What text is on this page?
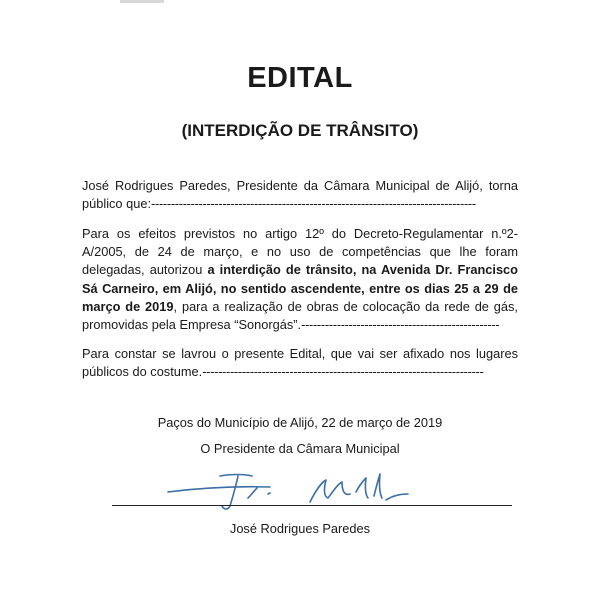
EDITAL
(INTERDIÇÃO DE TRÂNSITO)

José Rodrigues Paredes, Presidente da Câmara Municipal de Alijó, torna público que:----------------------------------------------------------------------------------

Para os efeitos previstos no artigo 12º do Decreto-Regulamentar n.º2-A/2005, de 24 de março, e no uso de competências que lhe foram delegadas, autorizou a interdição de trânsito, na Avenida Dr. Francisco Sá Carneiro, em Alijó, no sentido ascendente, entre os dias 25 a 29 de março de 2019, para a realização de obras de colocação da rede de gás, promovidas pela Empresa “Sonorgás”.--------------------------------------------------

Para constar se lavrou o presente Edital, que vai ser afixado nos lugares públicos do costume.-----------------------------------------------------------------------

Paços do Município de Alijó, 22 de março de 2019
O Presidente da Câmara Municipal
José Rodrigues Paredes
